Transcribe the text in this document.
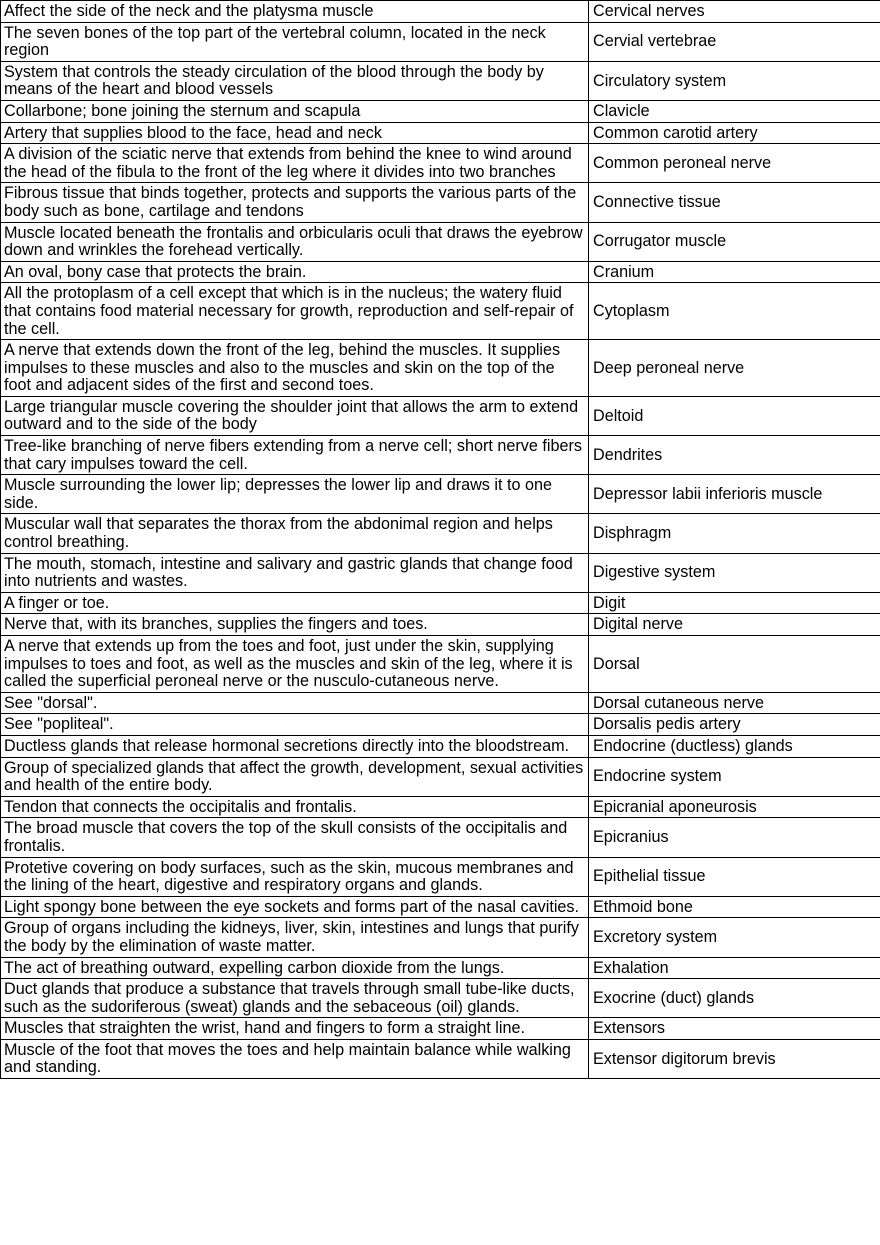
Affect the side of the neck and the platysma muscle	Cervical nerves
The seven bones of the top part of the vertebral column, located in the neck region	Cervial vertebrae
System that controls the steady circulation of the blood through the body by means of the heart and blood vessels	Circulatory system
Collarbone; bone joining the sternum and scapula	Clavicle
Artery that supplies blood to the face, head and neck	Common carotid artery
A division of the sciatic nerve that extends from behind the knee to wind around the head of the fibula to the front of the leg where it divides into two branches	Common peroneal nerve
Fibrous tissue that binds together, protects and supports the various parts of the body such as bone, cartilage and tendons	Connective tissue
Muscle located beneath the frontalis and orbicularis oculi that draws the eyebrow down and wrinkles the forehead vertically.	Corrugator muscle
An oval, bony case that protects the brain.	Cranium
All the protoplasm of a cell except that which is in the nucleus; the watery fluid that contains food material necessary for growth, reproduction and self-repair of the cell.	Cytoplasm
A nerve that extends down the front of the leg, behind the muscles. It supplies impulses to these muscles and also to the muscles and skin on the top of the foot and adjacent sides of the first and second toes.	Deep peroneal nerve
Large triangular muscle covering the shoulder joint that allows the arm to extend outward and to the side of the body	Deltoid
Tree-like branching of nerve fibers extending from a nerve cell; short nerve fibers that cary impulses toward the cell.	Dendrites
Muscle surrounding the lower lip; depresses the lower lip and draws it to one side.	Depressor labii inferioris muscle
Muscular wall that separates the thorax from the abdonimal region and helps control breathing.	Disphragm
The mouth, stomach, intestine and salivary and gastric glands that change food into nutrients and wastes.	Digestive system
A finger or toe.	Digit
Nerve that, with its branches, supplies the fingers and toes.	Digital nerve
A nerve that extends up from the toes and foot, just under the skin, supplying impulses to toes and foot, as well as the muscles and skin of the leg, where it is called the superficial peroneal nerve or the nusculo-cutaneous nerve.	Dorsal
See "dorsal".	Dorsal cutaneous nerve
See "popliteal".	Dorsalis pedis artery
Ductless glands that release hormonal secretions directly into the bloodstream.	Endocrine (ductless) glands
Group of specialized glands that affect the growth, development, sexual activities and health of the entire body.	Endocrine system
Tendon that connects the occipitalis and frontalis.	Epicranial aponeurosis
The broad muscle that covers the top of the skull consists of the occipitalis and frontalis.	Epicranius
Protetive covering on body surfaces, such as the skin, mucous membranes and the lining of the heart, digestive and respiratory organs and glands.	Epithelial tissue
Light spongy bone between the eye sockets and forms part of the nasal cavities.	Ethmoid bone
Group of organs including the kidneys, liver, skin, intestines and lungs that purify the body by the elimination of waste matter.	Excretory system
The act of breathing outward, expelling carbon dioxide from the lungs.	Exhalation
Duct glands that produce a substance that travels through small tube-like ducts, such as the sudoriferous (sweat) glands and the sebaceous (oil) glands.	Exocrine (duct) glands
Muscles that straighten the wrist, hand and fingers to form a straight line.	Extensors
Muscle of the foot that moves the toes and help maintain balance while walking and standing.	Extensor digitorum brevis
